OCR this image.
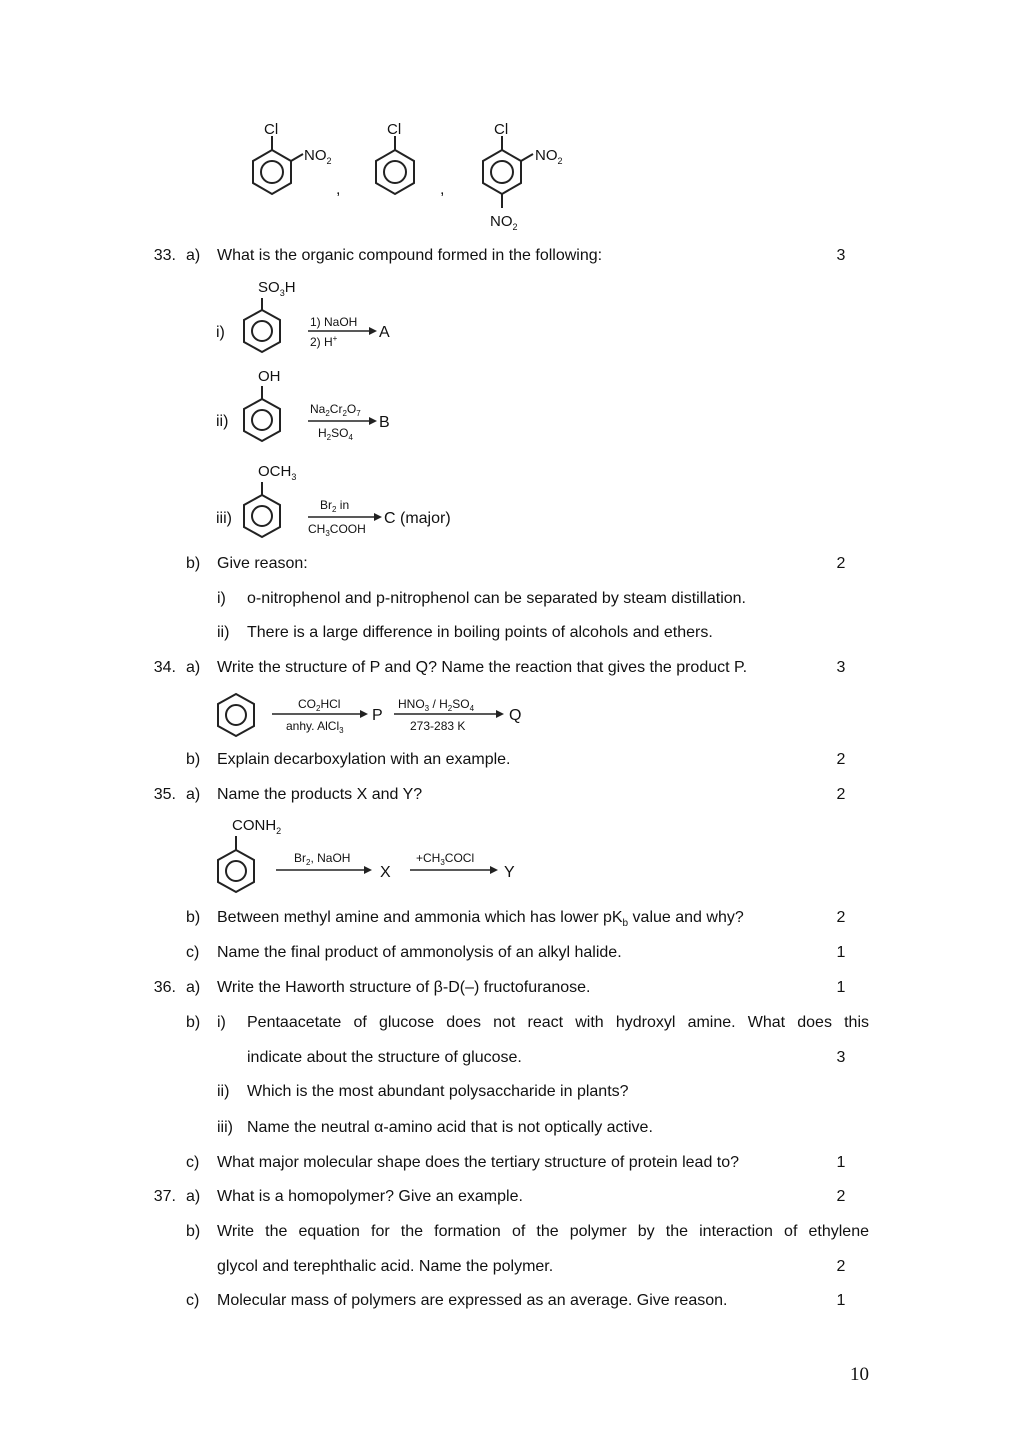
Cl
$NO_2$
,
Cl
,
Cl
$NO_2$
$NO_2$
33. a) What is the organic compound formed in the following:	3
i)
$SO_3H$
1) NaOH
2) H+	A
ii)
OH
$Na_2Cr_2O_7$
$H_2SO_4$
B
iii)
$OCH_3$
$Br_2$ in
$CH_3COOH$
C (major)
b) Give reason:	2
i) o-nitrophenol and p-nitrophenol can be separated by steam distillation.
ii) There is a large difference in boiling points of alcohols and ethers.
34. a) Write the structure of P and Q? Name the reaction that gives the product P.	3
$CO_2HCl$
anhy. AlCl$_3$
P
$HNO_3 / H_2SO_4$
273-283 K
Q
b) Explain decarboxylation with an example.	2
35. a) Name the products X and Y?	2
$CONH_2$
$Br_2$, NaOH
X
$+CH_3COCl$
Y
b) Between methyl amine and ammonia which has lower $pK_b$ value and why?	2
c) Name the final product of ammonolysis of an alkyl halide.	1
36. a) Write the Haworth structure of β-D(–) fructofuranose.	1
b) i) Pentaacetate of glucose does not react with hydroxyl amine. What does this
indicate about the structure of glucose.	3
ii) Which is the most abundant polysaccharide in plants?
iii) Name the neutral α-amino acid that is not optically active.
c) What major molecular shape does the tertiary structure of protein lead to?	1
37. a) What is a homopolymer? Give an example.	2
b) Write the equation for the formation of the polymer by the interaction of ethylene
glycol and terephthalic acid. Name the polymer.	2
c) Molecular mass of polymers are expressed as an average. Give reason.	1
10
